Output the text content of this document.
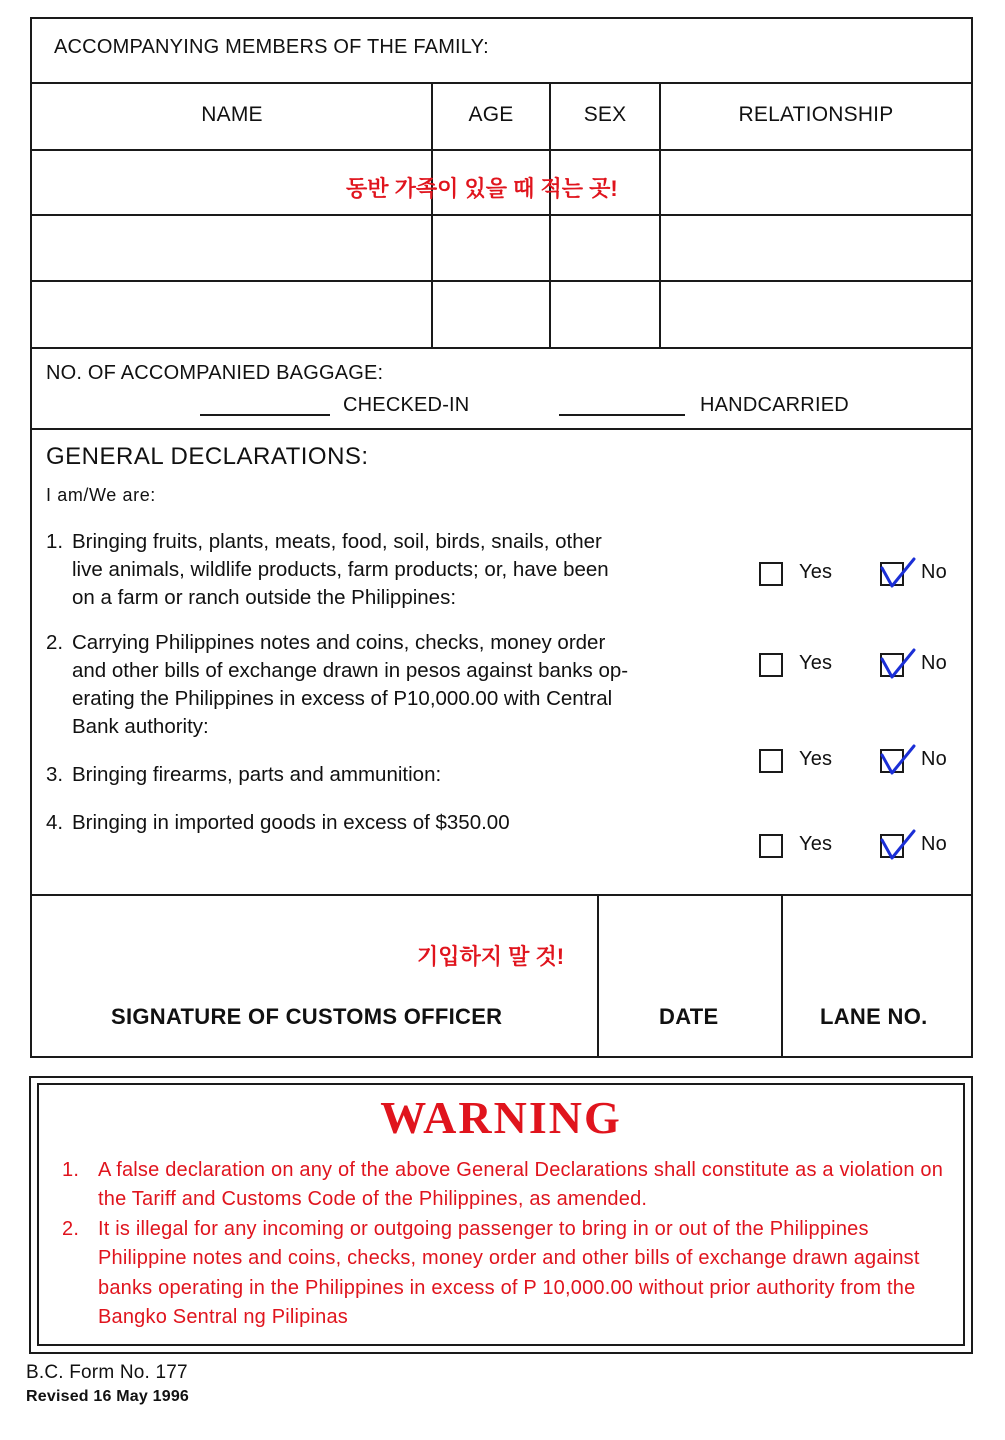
ACCOMPANYING MEMBERS OF THE FAMILY:
NAME	AGE	SEX	RELATIONSHIP
동반 가족이 있을 때 적는 곳!
NO. OF ACCOMPANIED BAGGAGE:
CHECKED-IN	HANDCARRIED
GENERAL DECLARATIONS:
I am/We are:
1. Bringing fruits, plants, meats, food, soil, birds, snails, other
live animals, wildlife products, farm products; or, have been
on a farm or ranch outside the Philippines:
2. Carrying Philippines notes and coins, checks, money order
and other bills of exchange drawn in pesos against banks op-
erating the Philippines in excess of P10,000.00 with Central
Bank authority:
3. Bringing firearms, parts and ammunition:
4. Bringing in imported goods in excess of $350.00
Yes	No
Yes	No
Yes	No
Yes	No
기입하지 말 것!
SIGNATURE OF CUSTOMS OFFICER	DATE	LANE NO.
WARNING
1. A false declaration on any of the above General Declarations shall constitute as a violation on
the Tariff and Customs Code of the Philippines, as amended.
2. It is illegal for any incoming or outgoing passenger to bring in or out of the Philippines
Philippine notes and coins, checks, money order and other bills of exchange drawn against
banks operating in the Philippines in excess of P 10,000.00 without prior authority from the
Bangko Sentral ng Pilipinas
B.C. Form No. 177
Revised 16 May 1996
